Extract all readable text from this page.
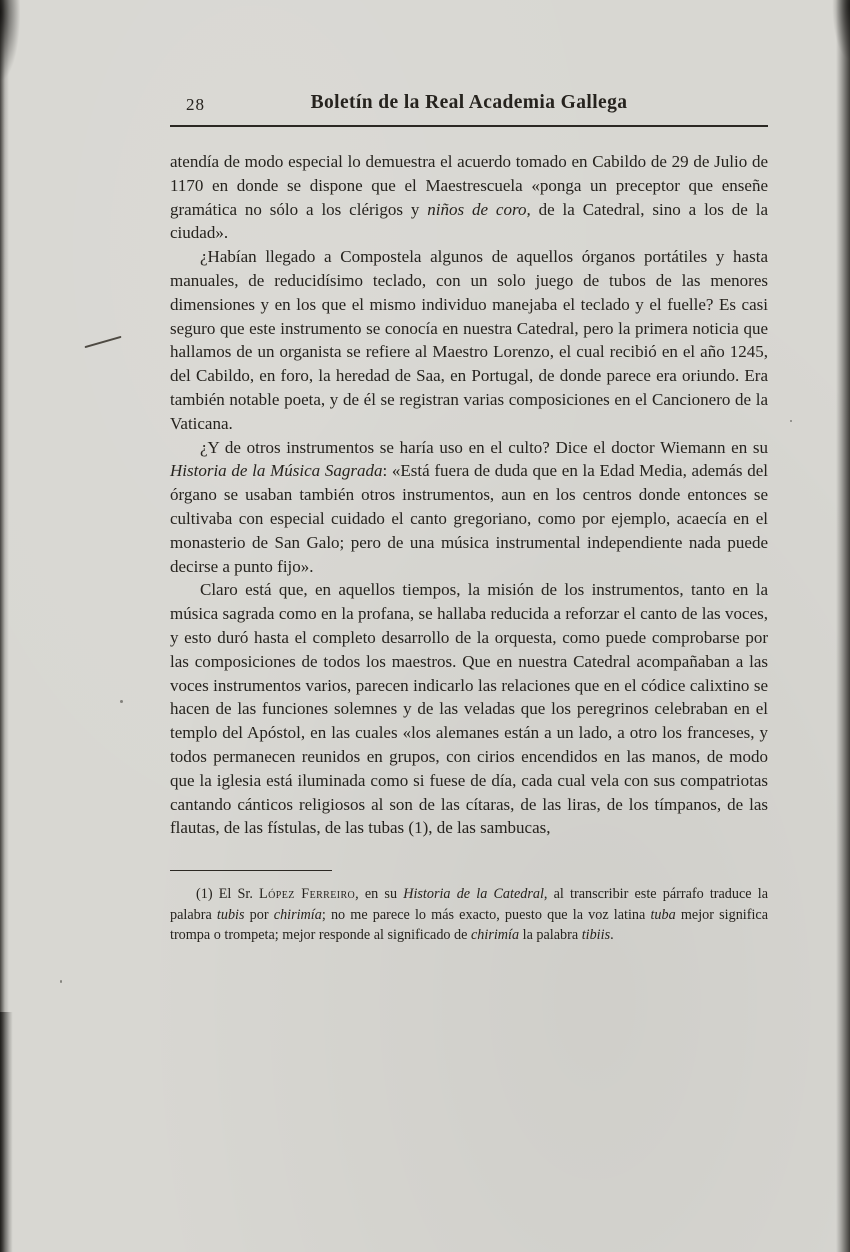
28	Boletín de la Real Academia Gallega

atendía de modo especial lo demuestra el acuerdo tomado en Cabildo de 29 de Julio de 1170 en donde se dispone que el Maestrescuela «ponga un preceptor que enseñe gramática no sólo a los clérigos y niños de coro, de la Catedral, sino a los de la ciudad».

¿Habían llegado a Compostela algunos de aquellos órganos portátiles y hasta manuales, de reducidísimo teclado, con un solo juego de tubos de las menores dimensiones y en los que el mismo individuo manejaba el teclado y el fuelle? Es casi seguro que este instrumento se conocía en nuestra Catedral, pero la primera noticia que hallamos de un organista se refiere al Maestro Lorenzo, el cual recibió en el año 1245, del Cabildo, en foro, la heredad de Saa, en Portugal, de donde parece era oriundo. Era también notable poeta, y de él se registran varias composiciones en el Cancionero de la Vaticana.

¿Y de otros instrumentos se haría uso en el culto? Dice el doctor Wiemann en su Historia de la Música Sagrada: «Está fuera de duda que en la Edad Media, además del órgano se usaban también otros instrumentos, aun en los centros donde entonces se cultivaba con especial cuidado el canto gregoriano, como por ejemplo, acaecía en el monasterio de San Galo; pero de una música instrumental independiente nada puede decirse a punto fijo».

Claro está que, en aquellos tiempos, la misión de los instrumentos, tanto en la música sagrada como en la profana, se hallaba reducida a reforzar el canto de las voces, y esto duró hasta el completo desarrollo de la orquesta, como puede comprobarse por las composiciones de todos los maestros. Que en nuestra Catedral acompañaban a las voces instrumentos varios, parecen indicarlo las relaciones que en el códice calixtino se hacen de las funciones solemnes y de las veladas que los peregrinos celebraban en el templo del Apóstol, en las cuales «los alemanes están a un lado, a otro los franceses, y todos permanecen reunidos en grupos, con cirios encendidos en las manos, de modo que la iglesia está iluminada como si fuese de día, cada cual vela con sus compatriotas cantando cánticos religiosos al son de las cítaras, de las liras, de los tímpanos, de las flautas, de las fístulas, de las tubas (1), de las sambucas,

(1) El Sr. López Ferreiro, en su Historia de la Catedral, al transcribir este párrafo traduce la palabra tubis por chirimía; no me parece lo más exacto, puesto que la voz latina tuba mejor significa trompa o trompeta; mejor responde al significado de chirimía la palabra tibiis.
